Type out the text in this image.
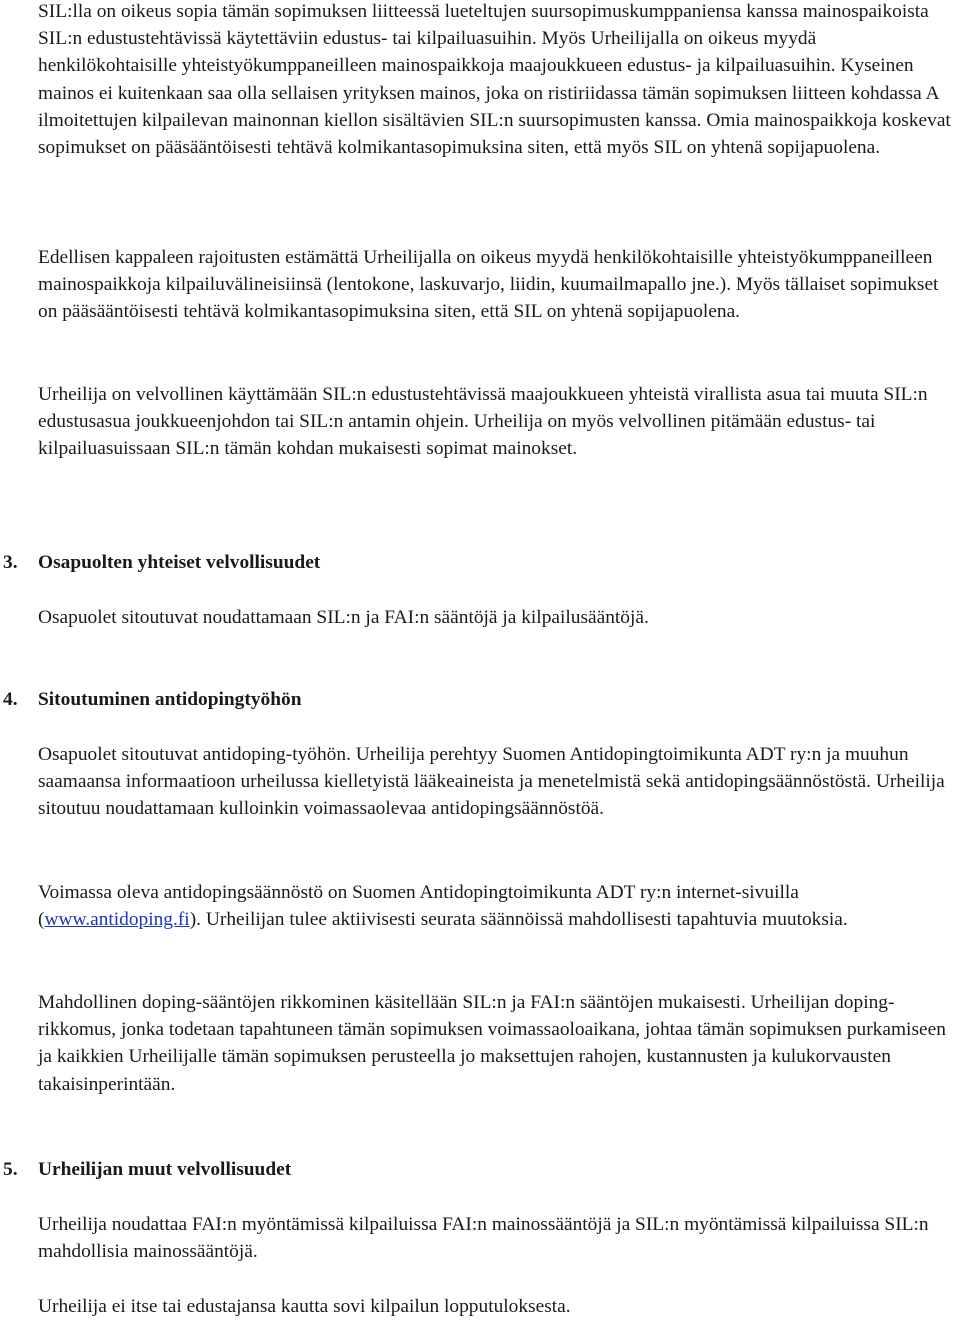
SIL:lla on oikeus sopia tämän sopimuksen liitteessä lueteltujen suursopimuskumppaniensa kanssa mainospaikoista SIL:n edustustehtävissä käytettäviin edustus- tai kilpailuasuihin. Myös Urheilijalla on oikeus myydä henkilökohtaisille yhteistyökumppaneilleen mainospaikkoja maajoukkueen edustus- ja kilpailuasuihin. Kyseinen mainos ei kuitenkaan saa olla sellaisen yrityksen mainos, joka on ristiriidassa tämän sopimuksen liitteen kohdassa A ilmoitettujen kilpailevan mainonnan kiellon sisältävien SIL:n suursopimusten kanssa. Omia mainospaikkoja koskevat sopimukset on pääsääntöisesti tehtävä kolmikantasopimuksina siten, että myös SIL on yhtenä sopijapuolena.

Edellisen kappaleen rajoitusten estämättä Urheilijalla on oikeus myydä henkilökohtaisille yhteistyökumppaneilleen mainospaikkoja kilpailuvälineisiinsä (lentokone, laskuvarjo, liidin, kuumailmapallo jne.). Myös tällaiset sopimukset on pääsääntöisesti tehtävä kolmikantasopimuksina siten, että SIL on yhtenä sopijapuolena.

Urheilija on velvollinen käyttämään SIL:n edustustehtävissä maajoukkueen yhteistä virallista asua tai muuta SIL:n edustusasua joukkueenjohdon tai SIL:n antamin ohjein. Urheilija on myös velvollinen pitämään edustus- tai kilpailuasuissaan SIL:n tämän kohdan mukaisesti sopimat mainokset.

3. Osapuolten yhteiset velvollisuudet

Osapuolet sitoutuvat noudattamaan SIL:n ja FAI:n sääntöjä ja kilpailusääntöjä.

4. Sitoutuminen antidopingtyöhön

Osapuolet sitoutuvat antidoping-työhön. Urheilija perehtyy Suomen Antidopingtoimikunta ADT ry:n ja muuhun saamaansa informaatioon urheilussa kielletyistä lääkeaineista ja menetelmistä sekä antidopingsäännöstöstä. Urheilija sitoutuu noudattamaan kulloinkin voimassaolevaa antidopingsäännöstöä.

Voimassa oleva antidopingsäännöstö on Suomen Antidopingtoimikunta ADT ry:n internet-sivuilla (www.antidoping.fi). Urheilijan tulee aktiivisesti seurata säännöissä mahdollisesti tapahtuvia muutoksia.

Mahdollinen doping-sääntöjen rikkominen käsitellään SIL:n ja FAI:n sääntöjen mukaisesti. Urheilijan doping-rikkomus, jonka todetaan tapahtuneen tämän sopimuksen voimassaoloaikana, johtaa tämän sopimuksen purkamiseen ja kaikkien Urheilijalle tämän sopimuksen perusteella jo maksettujen rahojen, kustannusten ja kulukorvausten takaisinperintään.

5. Urheilijan muut velvollisuudet

Urheilija noudattaa FAI:n myöntämissä kilpailuissa FAI:n mainossääntöjä ja SIL:n myöntämissä kilpailuissa SIL:n mahdollisia mainossääntöjä.

Urheilija ei itse tai edustajansa kautta sovi kilpailun lopputuloksesta.
